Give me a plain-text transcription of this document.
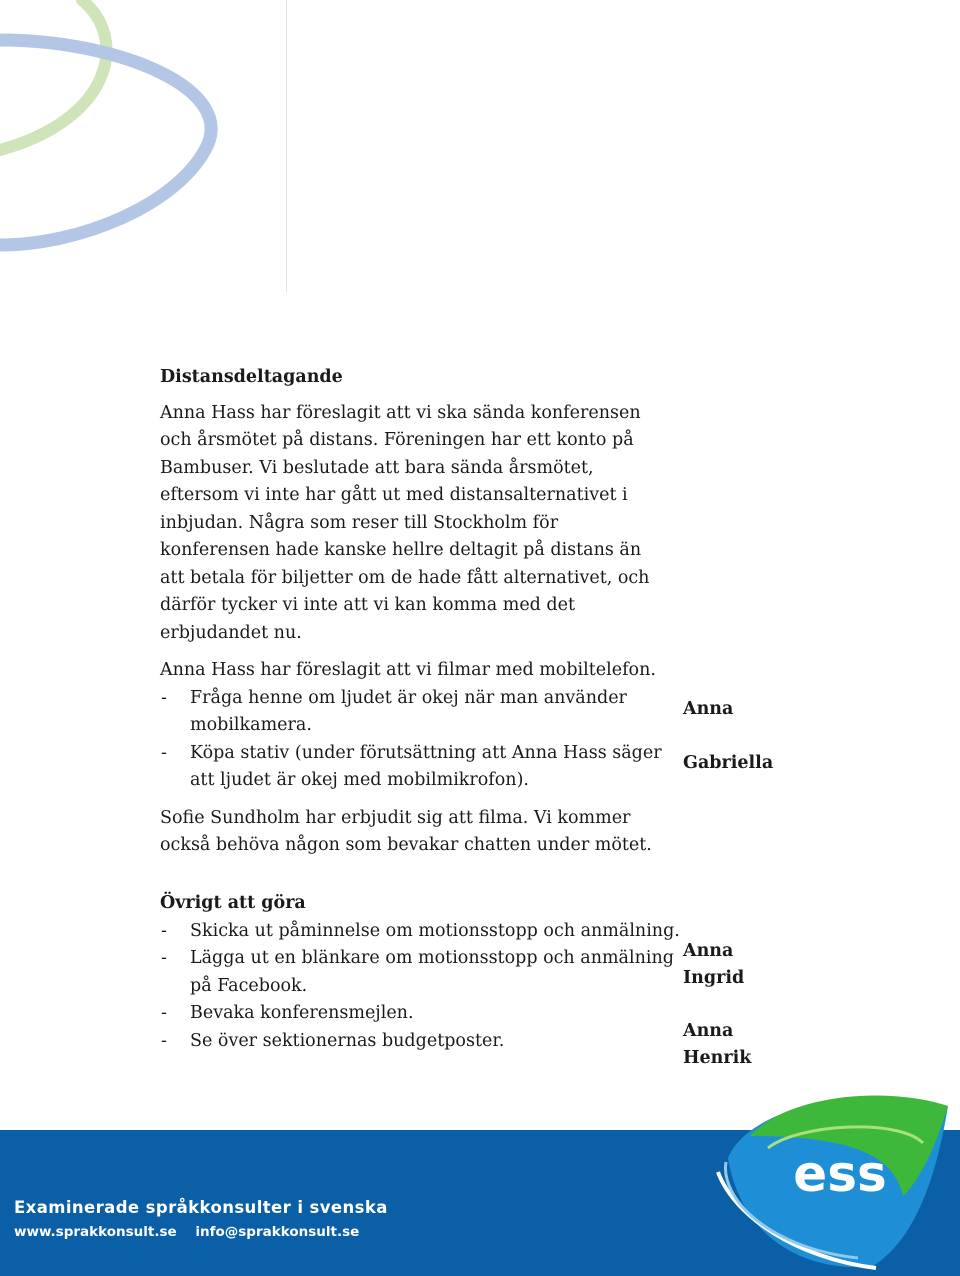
Distansdeltagande

Anna Hass har föreslagit att vi ska sända konferensen och årsmötet på distans. Föreningen har ett konto på Bambuser. Vi beslutade att bara sända årsmötet, eftersom vi inte har gått ut med distansalternativet i inbjudan. Några som reser till Stockholm för konferensen hade kanske hellre deltagit på distans än att betala för biljetter om de hade fått alternativet, och därför tycker vi inte att vi kan komma med det erbjudandet nu.

Anna Hass har föreslagit att vi filmar med mobiltelefon.

- Fråga henne om ljudet är okej när man använder mobilkamera.
- Köpa stativ (under förutsättning att Anna Hass säger att ljudet är okej med mobilmikrofon).

Sofie Sundholm har erbjudit sig att filma. Vi kommer också behöva någon som bevakar chatten under mötet.

Anna
Gabriella
Övrigt att göra
- Skicka ut påminnelse om motionsstopp och anmälning.
- Lägga ut en blänkare om motionsstopp och anmälning på Facebook.
- Bevaka konferensmejlen.
- Se över sektionernas budgetposter.
Anna
Ingrid
Anna
Henrik
Examinerade språkkonsulter i svenska
www.sprakkonsult.se info@sprakkonsult.se
ess
